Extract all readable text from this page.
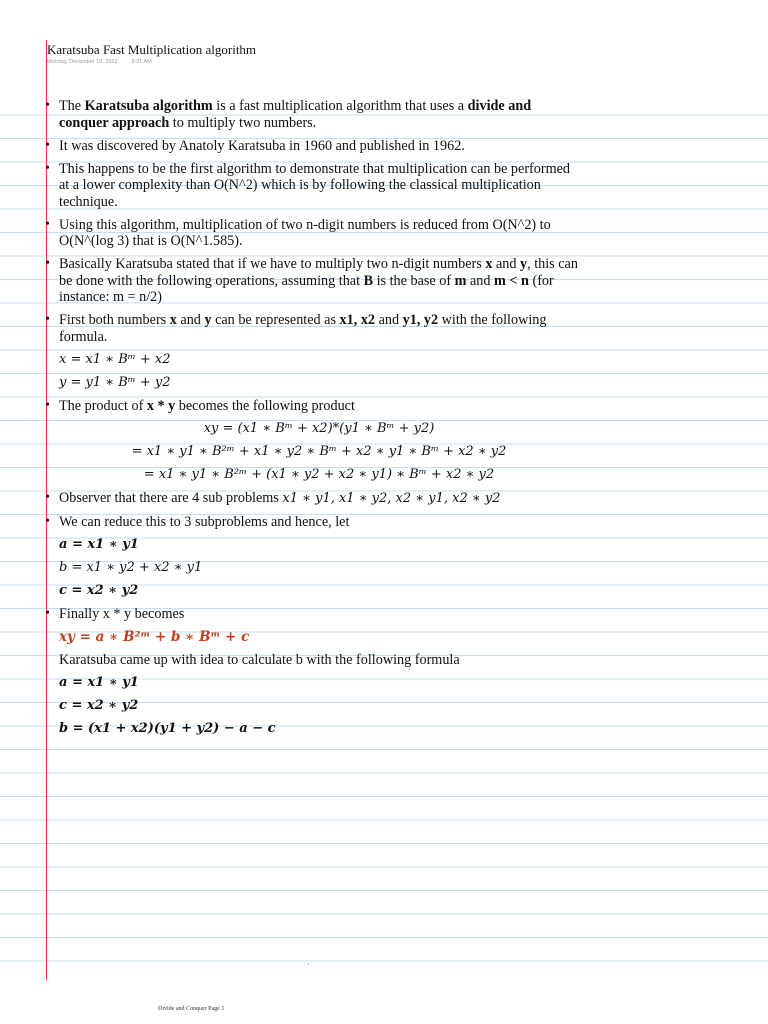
Karatsuba Fast Multiplication algorithm
Monday, December 19, 2022	8:31 AM
• The Karatsuba algorithm is a fast multiplication algorithm that uses a divide and conquer approach to multiply two numbers.
• It was discovered by Anatoly Karatsuba in 1960 and published in 1962.
• This happens to be the first algorithm to demonstrate that multiplication can be performed at a lower complexity than O(N^2) which is by following the classical multiplication technique.
• Using this algorithm, multiplication of two n-digit numbers is reduced from O(N^2) to O(N^(log 3) that is O(N^1.585).
• Basically Karatsuba stated that if we have to multiply two n-digit numbers x and y, this can be done with the following operations, assuming that B is the base of m and m < n (for instance: m = n/2)
• First both numbers x and y can be represented as x1, x2 and y1, y2 with the following formula.
x = x1 ∗ Bᵐ + x2
y = y1 ∗ Bᵐ + y2
• The product of x * y becomes the following product
xy = (x1 ∗ Bᵐ + x2)*(y1 ∗ Bᵐ + y2)
= x1 ∗ y1 ∗ B²ᵐ + x1 ∗ y2 ∗ Bᵐ + x2 ∗ y1 ∗ Bᵐ + x2 ∗ y2
= x1 ∗ y1 ∗ B²ᵐ + (x1 ∗ y2 + x2 ∗ y1) ∗ Bᵐ + x2 ∗ y2
• Observer that there are 4 sub problems x1 ∗ y1, x1 ∗ y2, x2 ∗ y1, x2 ∗ y2
• We can reduce this to 3 subproblems and hence, let
a = x1 ∗ y1
b = x1 ∗ y2 + x2 ∗ y1
c = x2 ∗ y2
• Finally x * y becomes
xy = a ∗ B²ᵐ + b ∗ Bᵐ + c
Karatsuba came up with idea to calculate b with the following formula
a = x1 ∗ y1
c = x2 ∗ y2
b = (x1 + x2)(y1 + y2) − a − c
·
Divide and Conquer Page 1
